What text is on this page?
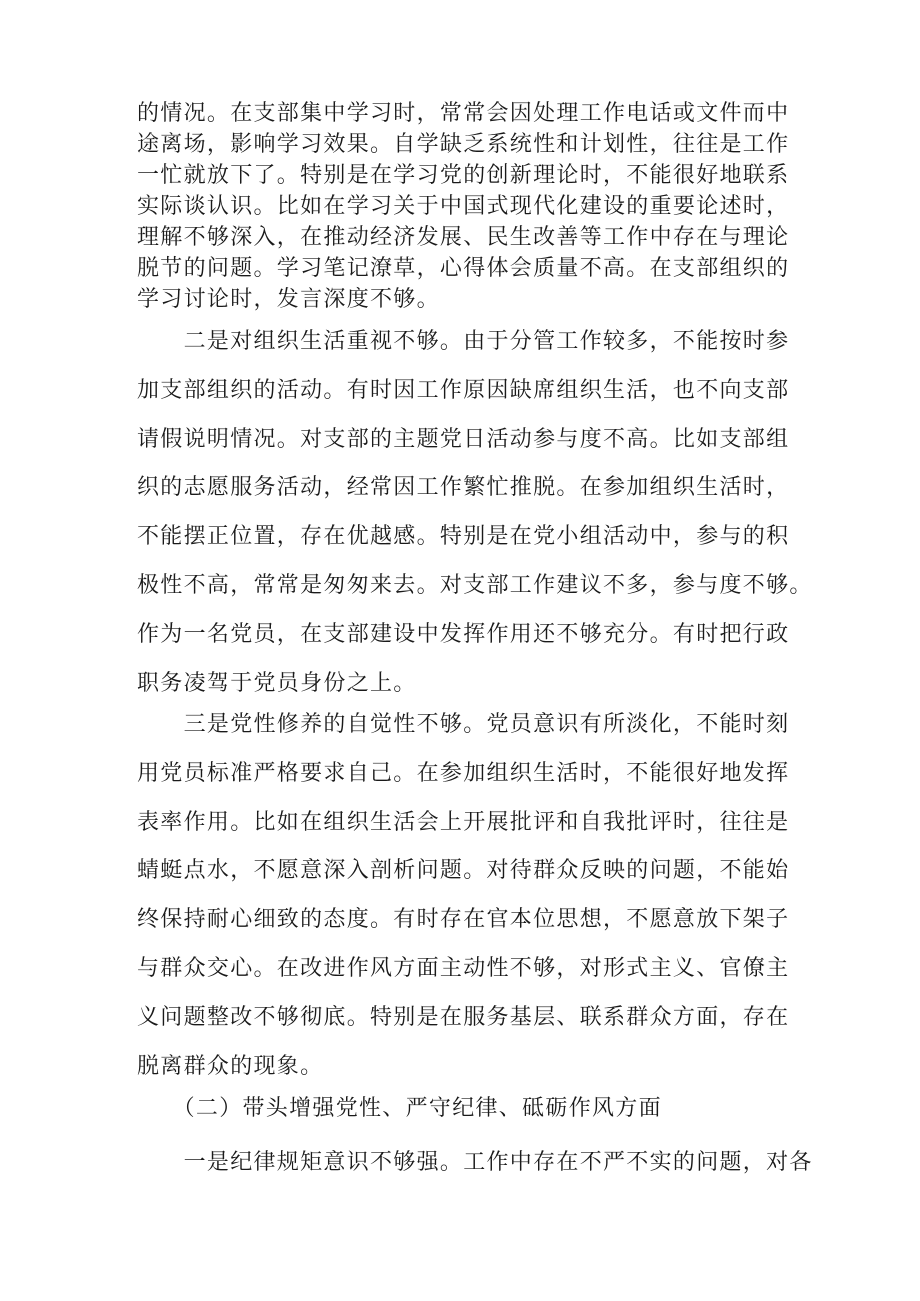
的情况。在支部集中学习时，常常会因处理工作电话或文件而中
途离场，影响学习效果。自学缺乏系统性和计划性，往往是工作
一忙就放下了。特别是在学习党的创新理论时，不能很好地联系
实际谈认识。比如在学习关于中国式现代化建设的重要论述时，
理解不够深入，在推动经济发展、民生改善等工作中存在与理论
脱节的问题。学习笔记潦草，心得体会质量不高。在支部组织的
学习讨论时，发言深度不够。
　　二是对组织生活重视不够。由于分管工作较多，不能按时参
加支部组织的活动。有时因工作原因缺席组织生活，也不向支部
请假说明情况。对支部的主题党日活动参与度不高。比如支部组
织的志愿服务活动，经常因工作繁忙推脱。在参加组织生活时，
不能摆正位置，存在优越感。特别是在党小组活动中，参与的积
极性不高，常常是匆匆来去。对支部工作建议不多，参与度不够。
作为一名党员，在支部建设中发挥作用还不够充分。有时把行政
职务凌驾于党员身份之上。
　　三是党性修养的自觉性不够。党员意识有所淡化，不能时刻
用党员标准严格要求自己。在参加组织生活时，不能很好地发挥
表率作用。比如在组织生活会上开展批评和自我批评时，往往是
蜻蜓点水，不愿意深入剖析问题。对待群众反映的问题，不能始
终保持耐心细致的态度。有时存在官本位思想，不愿意放下架子
与群众交心。在改进作风方面主动性不够，对形式主义、官僚主
义问题整改不够彻底。特别是在服务基层、联系群众方面，存在
脱离群众的现象。
　　（二）带头增强党性、严守纪律、砥砺作风方面
　　一是纪律规矩意识不够强。工作中存在不严不实的问题，对各
